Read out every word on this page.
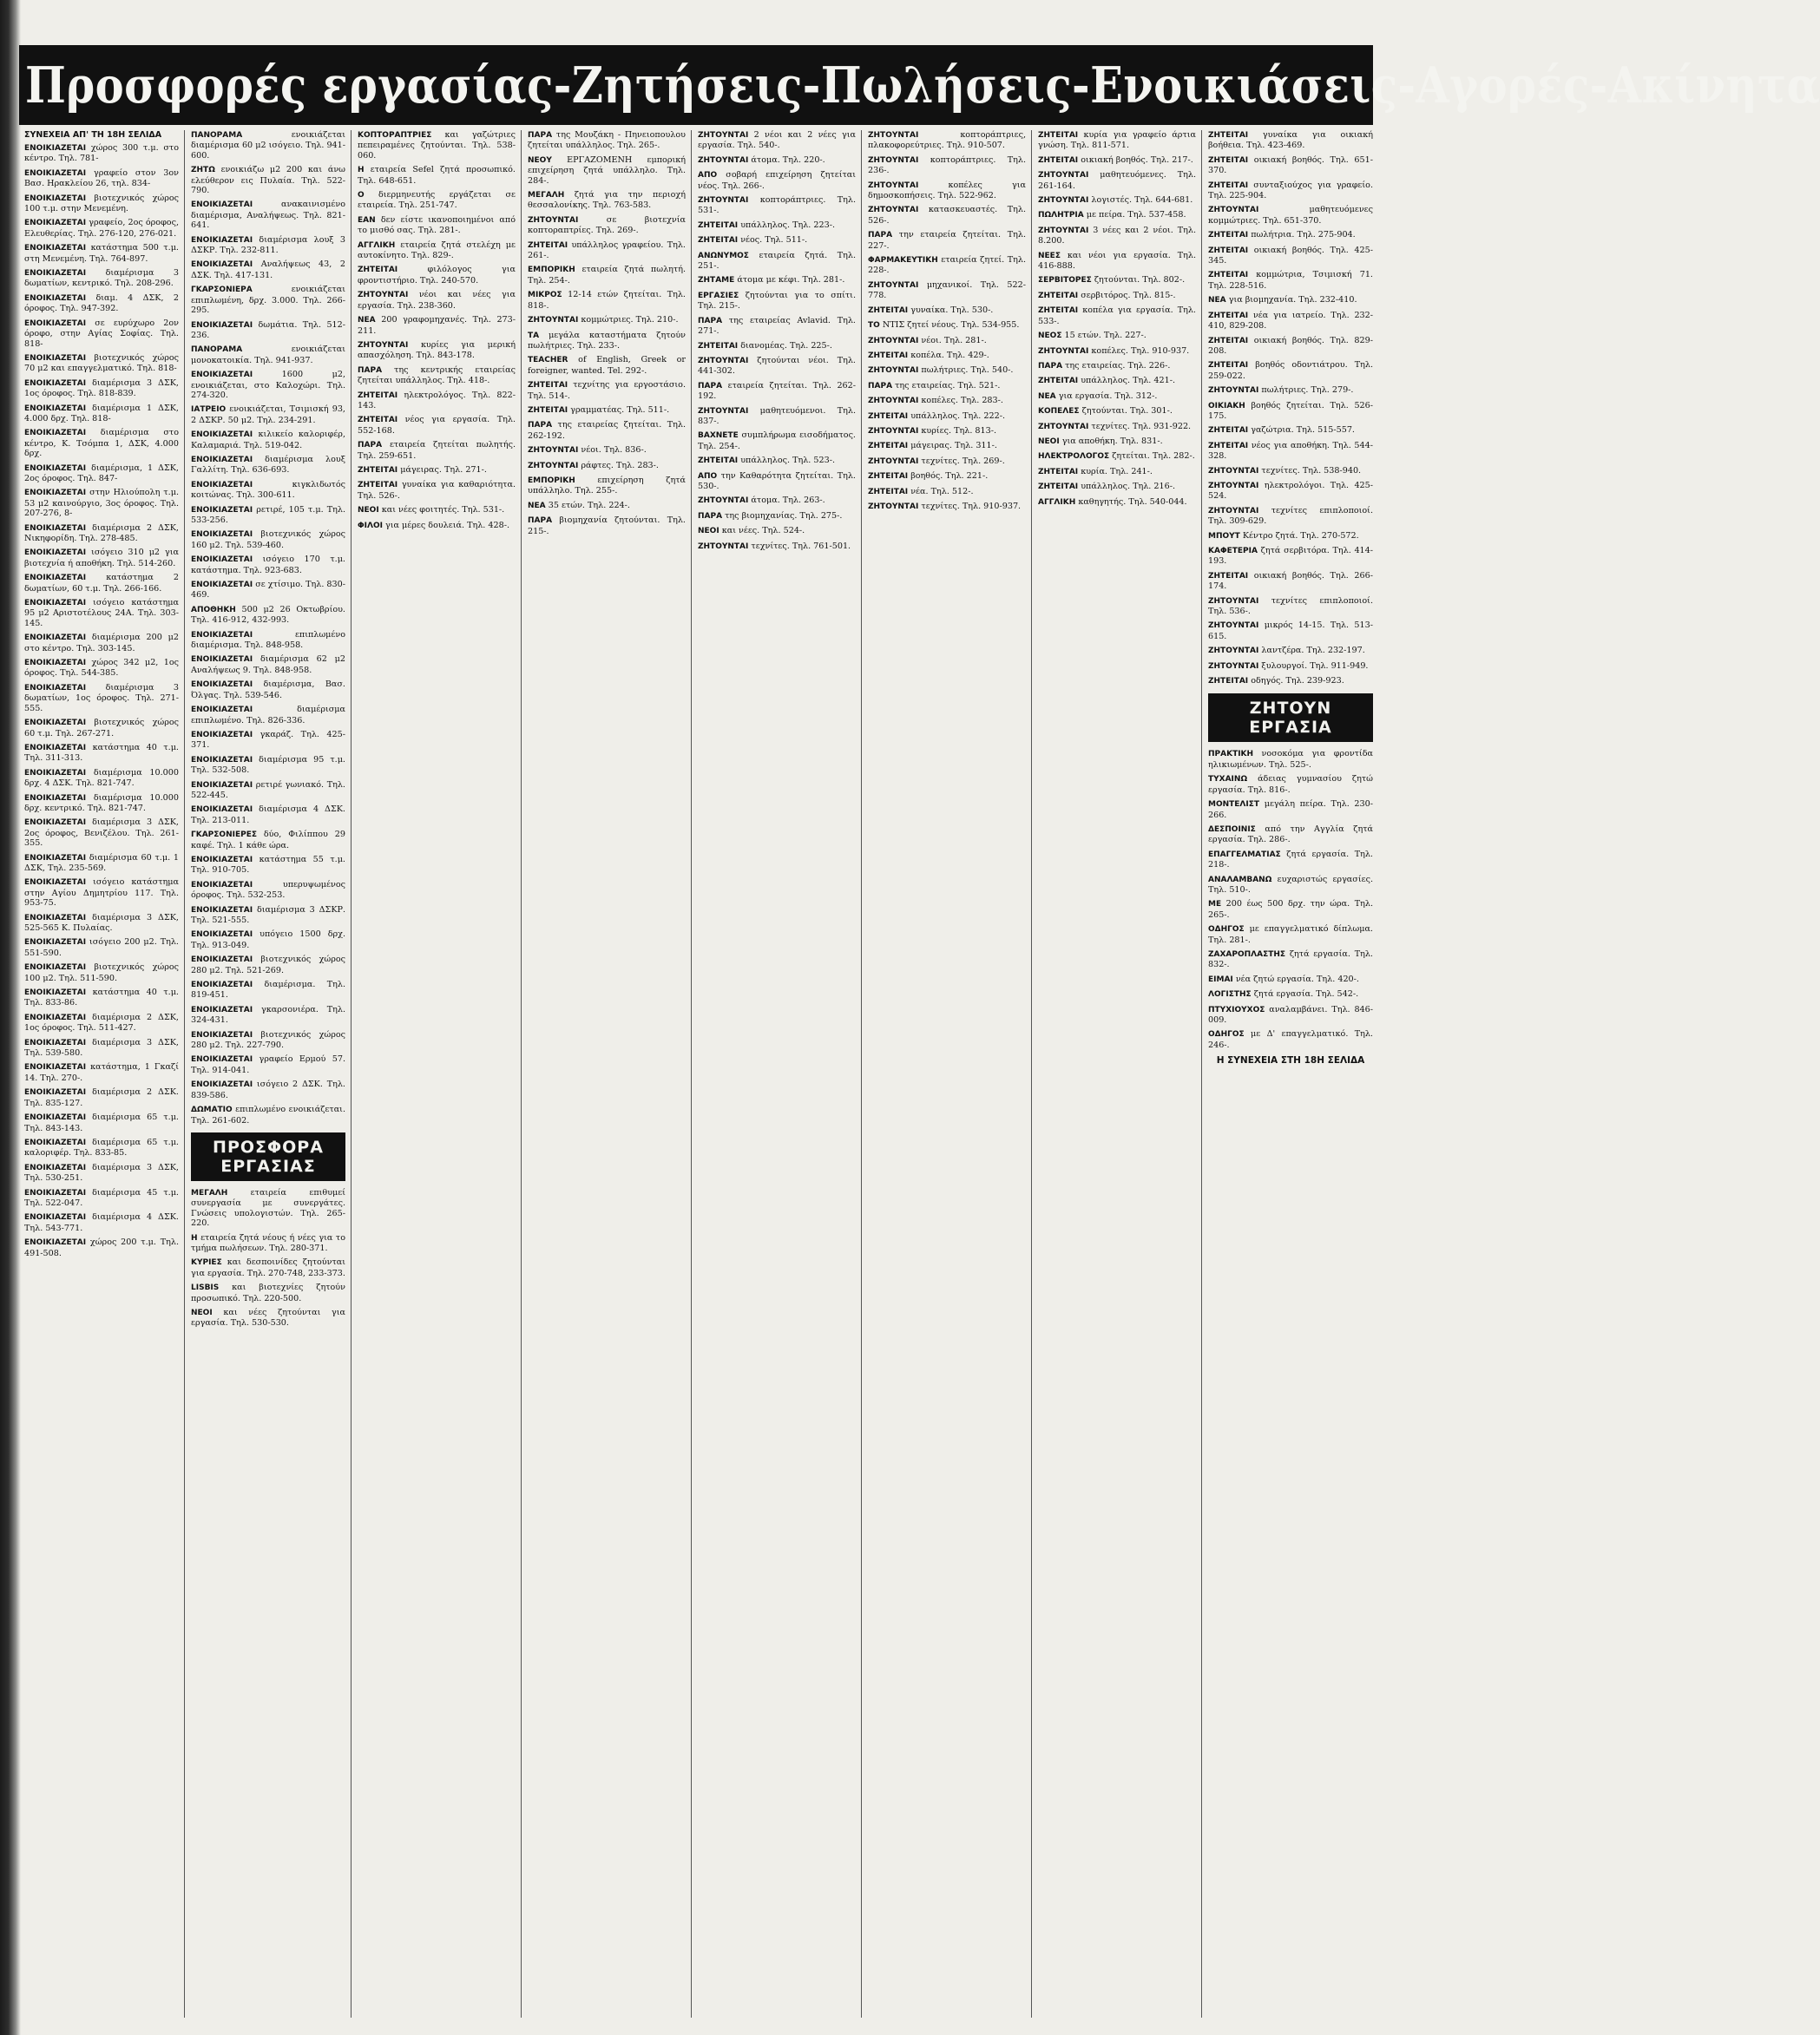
Προσφορές εργασίας-Ζητήσεις-Πωλήσεις-Ενοικιάσεις-Αγορές-Ακίνητα
ΣΥΝΕΧΕΙΑ ΑΠ' ΤΗ 18Η ΣΕΛΙΔΑ

ΕΝΟΙΚΙΑΖΕΤΑΙ χώρος 300 τ.μ. στο κέντρο. Τηλ. 781-

ΕΝΟΙΚΙΑΖΕΤΑΙ γραφείο στον 3ον Βασ. Ηρακλείου 26, τηλ. 834-

ΕΝΟΙΚΙΑΖΕΤΑΙ βιοτεχνικός χώρος 100 τ.μ. στην Μενεμένη.

ΕΝΟΙΚΙΑΖΕΤΑΙ γραφείο, 2ος όροφος, Ελευθερίας. Τηλ. 276-120, 276-021.

ΕΝΟΙΚΙΑΖΕΤΑΙ κατάστημα 500 τ.μ. στη Μενεμένη. Τηλ. 764-897.

ΕΝΟΙΚΙΑΖΕΤΑΙ διαμέρισμα 3 δωματίων, κεντρικό. Τηλ. 208-296.

ΕΝΟΙΚΙΑΖΕΤΑΙ διαμ. 4 ΔΣΚ, 2 όροφος. Τηλ. 947-392.

ΕΝΟΙΚΙΑΖΕΤΑΙ σε ευρύχωρο 2ον όροφο, στην Αγίας Σοφίας. Τηλ. 818-

ΕΝΟΙΚΙΑΖΕΤΑΙ βιοτεχνικός χώρος 70 μ2 και επαγγελματικό. Τηλ. 818-

ΕΝΟΙΚΙΑΖΕΤΑΙ διαμέρισμα 3 ΔΣΚ, 1ος όροφος. Τηλ. 818-839.

ΕΝΟΙΚΙΑΖΕΤΑΙ διαμέρισμα 1 ΔΣΚ, 4.000 δρχ. Τηλ. 818-

ΕΝΟΙΚΙΑΖΕΤΑΙ διαμέρισμα στο κέντρο, Κ. Τσόμπα 1, ΔΣΚ, 4.000 δρχ.

ΕΝΟΙΚΙΑΖΕΤΑΙ διαμέρισμα, 1 ΔΣΚ, 2ος όροφος. Τηλ. 847-

ΕΝΟΙΚΙΑΖΕΤΑΙ στην Ηλιούπολη τ.μ. 53 μ2 καινούργιο, 3ος όροφος. Τηλ. 207-276, 8-

ΕΝΟΙΚΙΑΖΕΤΑΙ διαμέρισμα 2 ΔΣΚ, Νικηφορίδη. Τηλ. 278-485.

ΕΝΟΙΚΙΑΖΕΤΑΙ ισόγειο 310 μ2 για βιοτεχνία ή αποθήκη. Τηλ. 514-260.

ΕΝΟΙΚΙΑΖΕΤΑΙ κατάστημα 2 δωματίων, 60 τ.μ. Τηλ. 266-166.

ΕΝΟΙΚΙΑΖΕΤΑΙ ισόγειο κατάστημα 95 μ2 Αριστοτέλους 24Α. Τηλ. 303-145.

ΕΝΟΙΚΙΑΖΕΤΑΙ διαμέρισμα 200 μ2 στο κέντρο. Τηλ. 303-145.

ΕΝΟΙΚΙΑΖΕΤΑΙ χώρος 342 μ2, 1ος όροφος. Τηλ. 544-385.

ΕΝΟΙΚΙΑΖΕΤΑΙ διαμέρισμα 3 δωματίων, 1ος όροφος. Τηλ. 271-555.

ΕΝΟΙΚΙΑΖΕΤΑΙ βιοτεχνικός χώρος 60 τ.μ. Τηλ. 267-271.

ΕΝΟΙΚΙΑΖΕΤΑΙ κατάστημα 40 τ.μ. Τηλ. 311-313.

ΕΝΟΙΚΙΑΖΕΤΑΙ διαμέρισμα 10.000 δρχ. 4 ΔΣΚ. Τηλ. 821-747.

ΕΝΟΙΚΙΑΖΕΤΑΙ διαμέρισμα 10.000 δρχ. κεντρικό. Τηλ. 821-747.

ΕΝΟΙΚΙΑΖΕΤΑΙ διαμέρισμα 3 ΔΣΚ, 2ος όροφος, Βενιζέλου. Τηλ. 261-355.

ΕΝΟΙΚΙΑΖΕΤΑΙ διαμέρισμα 60 τ.μ. 1 ΔΣΚ, Τηλ. 235-569.

ΕΝΟΙΚΙΑΖΕΤΑΙ ισόγειο κατάστημα στην Αγίου Δημητρίου 117. Τηλ. 953-75.

ΕΝΟΙΚΙΑΖΕΤΑΙ διαμέρισμα 3 ΔΣΚ, 525-565 Κ. Πυλαίας.

ΕΝΟΙΚΙΑΖΕΤΑΙ ισόγειο 200 μ2. Τηλ. 551-590.

ΕΝΟΙΚΙΑΖΕΤΑΙ βιοτεχνικός χώρος 100 μ2. Τηλ. 511-590.

ΕΝΟΙΚΙΑΖΕΤΑΙ κατάστημα 40 τ.μ. Τηλ. 833-86.

ΕΝΟΙΚΙΑΖΕΤΑΙ διαμέρισμα 2 ΔΣΚ, 1ος όροφος. Τηλ. 511-427.

ΕΝΟΙΚΙΑΖΕΤΑΙ διαμέρισμα 3 ΔΣΚ, Τηλ. 539-580.

ΕΝΟΙΚΙΑΖΕΤΑΙ κατάστημα, 1 Γκαζί 14. Τηλ. 270-.

ΕΝΟΙΚΙΑΖΕΤΑΙ διαμέρισμα 2 ΔΣΚ. Τηλ. 835-127.

ΕΝΟΙΚΙΑΖΕΤΑΙ διαμέρισμα 65 τ.μ. Τηλ. 843-143.

ΕΝΟΙΚΙΑΖΕΤΑΙ διαμέρισμα 65 τ.μ. καλοριφέρ. Τηλ. 833-85.

ΕΝΟΙΚΙΑΖΕΤΑΙ διαμέρισμα 3 ΔΣΚ, Τηλ. 530-251.

ΕΝΟΙΚΙΑΖΕΤΑΙ διαμέρισμα 45 τ.μ. Τηλ. 522-047.

ΕΝΟΙΚΙΑΖΕΤΑΙ διαμέρισμα 4 ΔΣΚ. Τηλ. 543-771.

ΕΝΟΙΚΙΑΖΕΤΑΙ χώρος 200 τ.μ. Τηλ. 491-508.

ΠΑΝΟΡΑΜΑ	ενοικιάζεται διαμέρισμα 60 μ2 ισόγειο. Τηλ. 941-600.

ΖΗΤΩ ενοικιάζω μ2 200 και άνω ελεύθερον εις Πυλαία. Τηλ. 522-790.

ΕΝΟΙΚΙΑΖΕΤΑΙ	ανακαινισμένο διαμέρισμα, Αναλήψεως. Τηλ. 821-641.

ΕΝΟΙΚΙΑΖΕΤΑΙ διαμέρισμα λουξ 3 ΔΣΚΡ. Τηλ. 232-811.

ΕΝΟΙΚΙΑΖΕΤΑΙ Αναλήψεως 43, 2 ΔΣΚ. Τηλ. 417-131.

ΓΚΑΡΣΟΝΙΕΡΑ	ενοικιάζεται επιπλωμένη, δρχ. 3.000. Τηλ. 266-295.

ΕΝΟΙΚΙΑΖΕΤΑΙ δωμάτια. Τηλ. 512-236.

ΠΑΝΟΡΑΜΑ	ενοικιάζεται μονοκατοικία. Τηλ. 941-937.

ΕΝΟΙΚΙΑΖΕΤΑΙ	1600 μ2, ενοικιάζεται, στο Καλοχώρι. Τηλ. 274-320.

ΙΑΤΡΕΙΟ ενοικιάζεται, Τσιμισκή 93, 2 ΔΣΚΡ. 50 μ2. Τηλ. 234-291.

ΕΝΟΙΚΙΑΖΕΤΑΙ κιλικείο καλοριφέρ, Καλαμαριά. Τηλ. 519-042.

ΕΝΟΙΚΙΑΖΕΤΑΙ διαμέρισμα λουξ Γαλλίτη. Τηλ. 636-693.

ΕΝΟΙΚΙΑΖΕΤΑΙ	κιγκλιδωτός κοιτώνας. Τηλ. 300-611.

ΕΝΟΙΚΙΑΖΕΤΑΙ ρετιρέ, 105 τ.μ. Τηλ. 533-256.

ΕΝΟΙΚΙΑΖΕΤΑΙ βιοτεχνικός χώρος 160 μ2. Τηλ. 539-460.

ΕΝΟΙΚΙΑΖΕΤΑΙ ισόγειο 170 τ.μ. κατάστημα. Τηλ. 923-683.

ΕΝΟΙΚΙΑΖΕΤΑΙ σε χτίσιμο. Τηλ. 830-469.

ΑΠΟΘΗΚΗ 500 μ2 26 Οκτωβρίου. Τηλ. 416-912, 432-993.

ΕΝΟΙΚΙΑΖΕΤΑΙ	επιπλωμένο διαμέρισμα. Τηλ. 848-958.

ΕΝΟΙΚΙΑΖΕΤΑΙ διαμέρισμα 62 μ2 Αναλήψεως 9. Τηλ. 848-958.

ΕΝΟΙΚΙΑΖΕΤΑΙ διαμέρισμα, Βασ. Όλγας. Τηλ. 539-546.

ΕΝΟΙΚΙΑΖΕΤΑΙ	διαμέρισμα επιπλωμένο. Τηλ. 826-336.

ΕΝΟΙΚΙΑΖΕΤΑΙ γκαράζ. Τηλ. 425-371.

ΕΝΟΙΚΙΑΖΕΤΑΙ διαμέρισμα 95 τ.μ. Τηλ. 532-508.

ΕΝΟΙΚΙΑΖΕΤΑΙ ρετιρέ γωνιακό. Τηλ. 522-445.

ΕΝΟΙΚΙΑΖΕΤΑΙ διαμέρισμα 4 ΔΣΚ. Τηλ. 213-011.

ΓΚΑΡΣΟΝΙΕΡΕΣ δύο, Φιλίππου 29 καφέ. Τηλ. 1 κάθε ώρα.

ΕΝΟΙΚΙΑΖΕΤΑΙ κατάστημα 55 τ.μ. Τηλ. 910-705.

ΕΝΟΙΚΙΑΖΕΤΑΙ	υπερυψωμένος όροφος. Τηλ. 532-253.

ΕΝΟΙΚΙΑΖΕΤΑΙ διαμέρισμα 3 ΔΣΚΡ. Τηλ. 521-555.

ΕΝΟΙΚΙΑΖΕΤΑΙ υπόγειο 1500 δρχ. Τηλ. 913-049.

ΕΝΟΙΚΙΑΖΕΤΑΙ βιοτεχνικός χώρος 280 μ2. Τηλ. 521-269.

ΕΝΟΙΚΙΑΖΕΤΑΙ διαμέρισμα. Τηλ. 819-451.

ΕΝΟΙΚΙΑΖΕΤΑΙ γκαρσονιέρα. Τηλ. 324-431.

ΕΝΟΙΚΙΑΖΕΤΑΙ βιοτεχνικός χώρος 280 μ2. Τηλ. 227-790.

ΕΝΟΙΚΙΑΖΕΤΑΙ γραφείο Ερμού 57. Τηλ. 914-041.

ΕΝΟΙΚΙΑΖΕΤΑΙ ισόγειο 2 ΔΣΚ. Τηλ. 839-586.

ΔΩΜΑΤΙΟ επιπλωμένο ενοικιάζεται. Τηλ. 261-602.

ΠΡΟΣΦΟΡΑ ΕΡΓΑΣΙΑΣ

ΜΕΓΑΛΗ	εταιρεία επιθυμεί συνεργασία με συνεργάτες. Γνώσεις υπολογιστών. Τηλ. 265-220.

Η εταιρεία ζητά νέους ή νέες για το τμήμα πωλήσεων. Τηλ. 280-371.

ΚΥΡΙΕΣ και δεσποινίδες ζητούνται για εργασία. Τηλ. 270-748, 233-373.

LISBIS και βιοτεχνίες ζητούν προσωπικό. Τηλ. 220-500.

ΝΕΟΙ και νέες ζητούνται για εργασία. Τηλ. 530-530.

ΚΟΠΤΟΡΑΠΤΡΙΕΣ και γαζώτριες πεπειραμένες ζητούνται. Τηλ. 538-060.

Η εταιρεία Sefel ζητά προσωπικό. Τηλ. 648-651.

Ο διερμηνευτής εργάζεται σε εταιρεία. Τηλ. 251-747.

ΕΑΝ δεν είστε ικανοποιημένοι από το μισθό σας. Τηλ. 281-.

ΑΓΓΛΙΚΗ εταιρεία ζητά στελέχη με αυτοκίνητο. Τηλ. 829-.

ΖΗΤΕΙΤΑΙ	φιλόλογος για φροντιστήριο. Τηλ. 240-570.

ΖΗΤΟΥΝΤΑΙ νέοι και νέες για εργασία. Τηλ. 238-360.

ΝΕΑ 200 γραφομηχανές. Τηλ. 273-211.

ΖΗΤΟΥΝΤΑΙ κυρίες για μερική απασχόληση. Τηλ. 843-178.

ΠΑΡΑ της κεντρικής εταιρείας ζητείται υπάλληλος. Τηλ. 418-.

ΖΗΤΕΙΤΑΙ ηλεκτρολόγος. Τηλ. 822-143.

ΖΗΤΕΙΤΑΙ νέος για εργασία. Τηλ. 552-168.

ΠΑΡΑ εταιρεία ζητείται πωλητής. Τηλ. 259-651.

ΖΗΤΕΙΤΑΙ μάγειρας. Τηλ. 271-.

ΖΗΤΕΙΤΑΙ γυναίκα για καθαριότητα. Τηλ. 526-.

ΝΕΟΙ και νέες φοιτητές. Τηλ. 531-.

ΦΙΛΟΙ για μέρες δουλειά. Τηλ. 428-.

ΠΑΡΑ της Μουζάκη - Πηνειοπουλου ζητείται υπάλληλος. Τηλ. 265-.

ΝΕΟΥ ΕΡΓΑΖΟΜΕΝΗ εμπορική επιχείρηση ζητά υπάλληλο. Τηλ. 284-.

ΜΕΓΑΛΗ ζητά για την περιοχή θεσσαλονίκης. Τηλ. 763-583.

ΖΗΤΟΥΝΤΑΙ	σε βιοτεχνία κοπτοραπτρίες. Τηλ. 269-.

ΖΗΤΕΙΤΑΙ υπάλληλος γραφείου. Τηλ. 261-.

ΕΜΠΟΡΙΚΗ εταιρεία ζητά πωλητή. Τηλ. 254-.

ΜΙΚΡΟΣ 12-14 ετών ζητείται. Τηλ. 818-.

ΖΗΤΟΥΝΤΑΙ κομμώτριες. Τηλ. 210-.

ΤΑ μεγάλα καταστήματα ζητούν πωλήτριες. Τηλ. 233-.

TEACHER of English, Greek or foreigner, wanted. Tel. 292-.

ΖΗΤΕΙΤΑΙ τεχνίτης για εργοστάσιο. Τηλ. 514-.

ΖΗΤΕΙΤΑΙ γραμματέας. Τηλ. 511-.

ΠΑΡΑ της εταιρείας ζητείται. Τηλ. 262-192.

ΖΗΤΟΥΝΤΑΙ νέοι. Τηλ. 836-.

ΖΗΤΟΥΝΤΑΙ ράφτες. Τηλ. 283-.

ΕΜΠΟΡΙΚΗ	επιχείρηση ζητά υπάλληλο. Τηλ. 255-.

ΝΕΑ 35 ετών. Τηλ. 224-.

ΠΑΡΑ βιομηχανία ζητούνται. Τηλ. 215-.

ΖΗΤΟΥΝΤΑΙ 2 νέοι και 2 νέες για εργασία. Τηλ. 540-.

ΖΗΤΟΥΝΤΑΙ άτομα. Τηλ. 220-.

ΑΠΟ σοβαρή επιχείρηση ζητείται νέος. Τηλ. 266-.

ΖΗΤΟΥΝΤΑΙ κοπτοράπτριες. Τηλ. 531-.

ΖΗΤΕΙΤΑΙ υπάλληλος. Τηλ. 223-.

ΖΗΤΕΙΤΑΙ νέος. Τηλ. 511-.

ΑΝΩΝΥΜΟΣ εταιρεία ζητά. Τηλ. 251-.

ΖΗΤΑΜΕ άτομα με κέφι. Τηλ. 281-.

ΕΡΓΑΣΙΕΣ ζητούνται για το σπίτι. Τηλ. 215-.

ΠΑΡΑ της εταιρείας Avlavid. Τηλ. 271-.

ΖΗΤΕΙΤΑΙ διανομέας. Τηλ. 225-.

ΖΗΤΟΥΝΤΑΙ ζητούνται νέοι. Τηλ. 441-302.

ΠΑΡΑ εταιρεία ζητείται. Τηλ. 262-192.

ΖΗΤΟΥΝΤΑΙ μαθητευόμενοι. Τηλ. 837-.

ΒΑΧΝΕΤΕ συμπλήρωμα εισοδήματος. Τηλ. 254-.

ΖΗΤΕΙΤΑΙ υπάλληλος. Τηλ. 523-.

ΑΠΟ την Καθαρότητα ζητείται. Τηλ. 530-.

ΖΗΤΟΥΝΤΑΙ άτομα. Τηλ. 263-.

ΠΑΡΑ της βιομηχανίας. Τηλ. 275-.

ΝΕΟΙ και νέες. Τηλ. 524-.

ΖΗΤΟΥΝΤΑΙ τεχνίτες. Τηλ. 761-501.

ΖΗΤΟΥΝΤΑΙ	κοπτοράπτριες, πλακοφορεύτριες. Τηλ. 910-507.

ΖΗΤΟΥΝΤΑΙ κοπτοράπτριες. Τηλ. 236-.

ΖΗΤΟΥΝΤΑΙ	κοπέλες για δημοσκοπήσεις. Τηλ. 522-962.

ΖΗΤΟΥΝΤΑΙ κατασκευαστές. Τηλ. 526-.

ΠΑΡΑ την εταιρεία ζητείται. Τηλ. 227-.

ΦΑΡΜΑΚΕΥΤΙΚΗ εταιρεία ζητεί. Τηλ. 228-.

ΖΗΤΟΥΝΤΑΙ μηχανικοί. Τηλ. 522-778.

ΖΗΤΕΙΤΑΙ γυναίκα. Τηλ. 530-.

ΤΟ ΝΤΙΣ ζητεί νέους. Τηλ. 534-955.

ΖΗΤΟΥΝΤΑΙ νέοι. Τηλ. 281-.

ΖΗΤΕΙΤΑΙ κοπέλα. Τηλ. 429-.

ΖΗΤΟΥΝΤΑΙ πωλήτριες. Τηλ. 540-.

ΠΑΡΑ της εταιρείας. Τηλ. 521-.

ΖΗΤΟΥΝΤΑΙ κοπέλες. Τηλ. 283-.

ΖΗΤΕΙΤΑΙ υπάλληλος. Τηλ. 222-.

ΖΗΤΟΥΝΤΑΙ κυρίες. Τηλ. 813-.

ΖΗΤΕΙΤΑΙ μάγειρας. Τηλ. 311-.

ΖΗΤΟΥΝΤΑΙ τεχνίτες. Τηλ. 269-.

ΖΗΤΕΙΤΑΙ βοηθός. Τηλ. 221-.

ΖΗΤΕΙΤΑΙ νέα. Τηλ. 512-.

ΖΗΤΟΥΝΤΑΙ τεχνίτες. Τηλ. 910-937.

ΖΗΤΕΙΤΑΙ κυρία για γραφείο άρτια γνώση. Τηλ. 811-571.

ΖΗΤΕΙΤΑΙ οικιακή βοηθός. Τηλ. 217-.

ΖΗΤΟΥΝΤΑΙ μαθητευόμενες. Τηλ. 261-164.

ΖΗΤΟΥΝΤΑΙ λογιστές. Τηλ. 644-681.

ΠΩΛΗΤΡΙΑ με πείρα. Τηλ. 537-458.

ΖΗΤΟΥΝΤΑΙ 3 νέες και 2 νέοι. Τηλ. 8.200.

ΝΕΕΣ και νέοι για εργασία. Τηλ. 416-888.

ΣΕΡΒΙΤΟΡΕΣ ζητούνται. Τηλ. 802-.

ΖΗΤΕΙΤΑΙ σερβιτόρος. Τηλ. 815-.

ΖΗΤΕΙΤΑΙ κοπέλα για εργασία. Τηλ. 533-.

ΝΕΟΣ 15 ετών. Τηλ. 227-.

ΖΗΤΟΥΝΤΑΙ κοπέλες. Τηλ. 910-937.

ΠΑΡΑ της εταιρείας. Τηλ. 226-.

ΖΗΤΕΙΤΑΙ υπάλληλος. Τηλ. 421-.

ΝΕΑ για εργασία. Τηλ. 312-.

ΚΟΠΕΛΕΣ ζητούνται. Τηλ. 301-.

ΖΗΤΟΥΝΤΑΙ τεχνίτες. Τηλ. 931-922.

ΝΕΟΙ για αποθήκη. Τηλ. 831-.

ΗΛΕΚΤΡΟΛΟΓΟΣ ζητείται. Τηλ. 282-.

ΖΗΤΕΙΤΑΙ κυρία. Τηλ. 241-.

ΖΗΤΕΙΤΑΙ υπάλληλος. Τηλ. 216-.

ΑΓΓΛΙΚΗ καθηγητής. Τηλ. 540-044.

ΖΗΤΕΙΤΑΙ γυναίκα για οικιακή βοήθεια. Τηλ. 423-469.

ΖΗΤΕΙΤΑΙ οικιακή βοηθός. Τηλ. 651-370.

ΖΗΤΕΙΤΑΙ συνταξιούχος για γραφείο. Τηλ. 225-904.

ΖΗΤΟΥΝΤΑΙ	μαθητευόμενες κομμώτριες. Τηλ. 651-370.

ΖΗΤΕΙΤΑΙ πωλήτρια. Τηλ. 275-904.

ΖΗΤΕΙΤΑΙ οικιακή βοηθός. Τηλ. 425-345.

ΖΗΤΕΙΤΑΙ κομμώτρια, Τσιμισκή 71. Τηλ. 228-516.

ΝΕΑ για βιομηχανία. Τηλ. 232-410.

ΖΗΤΕΙΤΑΙ νέα για ιατρείο. Τηλ. 232-410, 829-208.

ΖΗΤΕΙΤΑΙ οικιακή βοηθός. Τηλ. 829-208.

ΖΗΤΕΙΤΑΙ βοηθός οδοντιάτρου. Τηλ. 259-022.

ΖΗΤΟΥΝΤΑΙ πωλήτριες. Τηλ. 279-.

ΟΙΚΙΑΚΗ βοηθός ζητείται. Τηλ. 526-175.

ΖΗΤΕΙΤΑΙ γαζώτρια. Τηλ. 515-557.

ΖΗΤΕΙΤΑΙ νέος για αποθήκη. Τηλ. 544-328.

ΖΗΤΟΥΝΤΑΙ τεχνίτες. Τηλ. 538-940.

ΖΗΤΟΥΝΤΑΙ ηλεκτρολόγοι. Τηλ. 425-524.

ΖΗΤΟΥΝΤΑΙ τεχνίτες επιπλοποιοί. Τηλ. 309-629.

ΜΠΟΥΤ Κέντρο ζητά. Τηλ. 270-572.

ΚΑΦΕΤΕΡΙΑ ζητά σερβιτόρα. Τηλ. 414-193.

ΖΗΤΕΙΤΑΙ οικιακή βοηθός. Τηλ. 266-174.

ΖΗΤΟΥΝΤΑΙ τεχνίτες επιπλοποιοί. Τηλ. 536-.

ΖΗΤΟΥΝΤΑΙ μικρός 14-15. Τηλ. 513-615.

ΖΗΤΟΥΝΤΑΙ λαντζέρα. Τηλ. 232-197.

ΖΗΤΟΥΝΤΑΙ ξυλουργοί. Τηλ. 911-949.

ΖΗΤΕΙΤΑΙ οδηγός. Τηλ. 239-923.

ΖΗΤΟΥΝ ΕΡΓΑΣΙΑ

ΠΡΑΚΤΙΚΗ νοσοκόμα για φροντίδα ηλικιωμένων. Τηλ. 525-.

ΤΥΧΑΙΝΩ άδειας γυμνασίου ζητώ εργασία. Τηλ. 816-.

ΜΟΝΤΕΛΙΣΤ μεγάλη πείρα. Τηλ. 230-266.

ΔΕΣΠΟΙΝΙΣ από την Αγγλία ζητά εργασία. Τηλ. 286-.

ΕΠΑΓΓΕΛΜΑΤΙΑΣ ζητά εργασία. Τηλ. 218-.

ΑΝΑΛΑΜΒΑΝΩ ευχαριστώς εργασίες. Τηλ. 510-.

ΜΕ 200 έως 500 δρχ. την ώρα. Τηλ. 265-.

ΟΔΗΓΟΣ με επαγγελματικό δίπλωμα. Τηλ. 281-.

ΖΑΧΑΡΟΠΛΑΣΤΗΣ ζητά εργασία. Τηλ. 832-.

ΕΙΜΑΙ νέα ζητώ εργασία. Τηλ. 420-.

ΛΟΓΙΣΤΗΣ ζητά εργασία. Τηλ. 542-.

ΠΤΥΧΙΟΥΧΟΣ αναλαμβάνει. Τηλ. 846-009.

ΟΔΗΓΟΣ με Δ' επαγγελματικό. Τηλ. 246-.

Η ΣΥΝΕΧΕΙΑ ΣΤΗ 18Η ΣΕΛΙΔΑ
